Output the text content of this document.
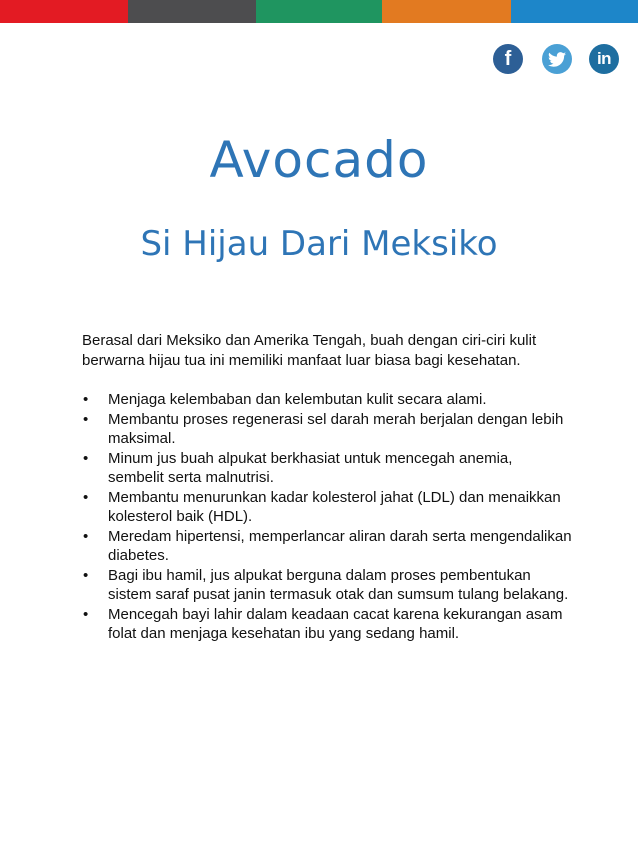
f	in
Avocado
Si Hijau Dari Meksiko

Berasal dari Meksiko dan Amerika Tengah, buah dengan ciri-ciri kulit berwarna hijau tua ini memiliki manfaat luar biasa bagi kesehatan.

• Menjaga kelembaban dan kelembutan kulit secara alami.
• Membantu proses regenerasi sel darah merah berjalan dengan lebih maksimal.
• Minum jus buah alpukat berkhasiat untuk mencegah anemia, sembelit serta malnutrisi.
• Membantu menurunkan kadar kolesterol jahat (LDL) dan menaikkan kolesterol baik (HDL).
• Meredam hipertensi, memperlancar aliran darah serta mengendalikan diabetes.
• Bagi ibu hamil, jus alpukat berguna dalam proses pembentukan sistem saraf pusat janin termasuk otak dan sumsum tulang belakang.
• Mencegah bayi lahir dalam keadaan cacat karena kekurangan asam folat dan menjaga kesehatan ibu yang sedang hamil.
